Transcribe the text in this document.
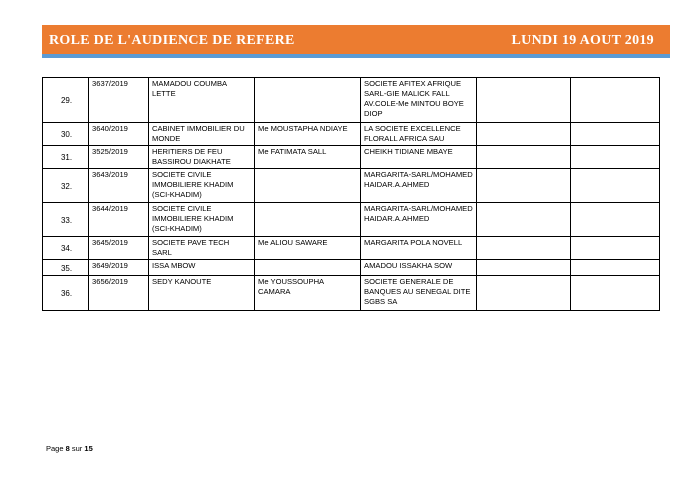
ROLE DE L'AUDIENCE DE REFERE	LUNDI 19 AOUT 2019
29.	3637/2019	MAMADOU COUMBA LETTE		SOCIETE AFITEX AFRIQUE SARL-GIE MALICK FALL AV.COLE-Me MINTOU BOYE DIOP		
30.	3640/2019	CABINET IMMOBILIER DU MONDE	Me MOUSTAPHA NDIAYE	LA SOCIETE EXCELLENCE FLORALL AFRICA SAU		
31.	3525/2019	HERITIERS DE FEU BASSIROU DIAKHATE	Me FATIMATA SALL	CHEIKH TIDIANE MBAYE		
32.	3643/2019	SOCIETE CIVILE IMMOBILIERE KHADIM (SCI-KHADIM)		MARGARITA-SARL/MOHAMED HAIDAR.A.AHMED		
33.	3644/2019	SOCIETE CIVILE IMMOBILIERE KHADIM (SCI-KHADIM)		MARGARITA-SARL/MOHAMED HAIDAR.A.AHMED		
34.	3645/2019	SOCIETE PAVE TECH SARL	Me ALIOU SAWARE	MARGARITA POLA NOVELL		
35.	3649/2019	ISSA MBOW		AMADOU ISSAKHA SOW		
36.	3656/2019	SEDY KANOUTE	Me YOUSSOUPHA CAMARA	SOCIETE GENERALE DE BANQUES AU SENEGAL DITE SGBS SA		
Page 8 sur 15
